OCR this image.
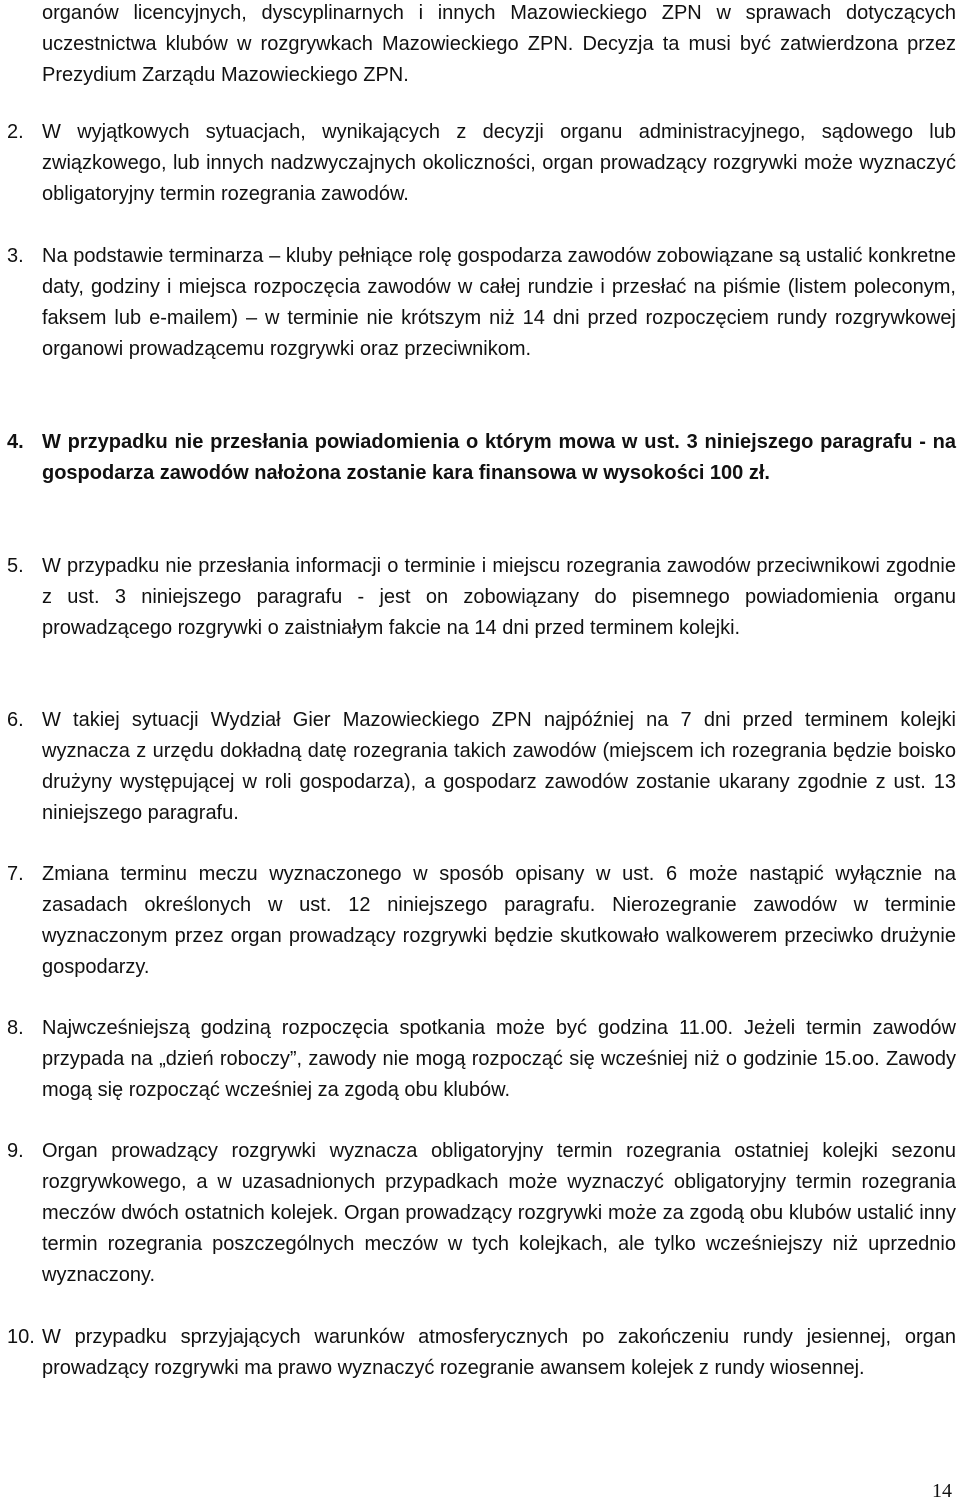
organów licencyjnych, dyscyplinarnych i innych Mazowieckiego ZPN w sprawach dotyczących uczestnictwa klubów w rozgrywkach Mazowieckiego ZPN. Decyzja ta musi być zatwierdzona przez Prezydium Zarządu Mazowieckiego ZPN.

2. W wyjątkowych sytuacjach, wynikających z decyzji organu administracyjnego, sądowego lub związkowego, lub innych nadzwyczajnych okoliczności, organ prowadzący rozgrywki może wyznaczyć obligatoryjny termin rozegrania zawodów.

3. Na podstawie terminarza – kluby pełniące rolę gospodarza zawodów zobowiązane są ustalić konkretne daty, godziny i miejsca rozpoczęcia zawodów w całej rundzie i przesłać na piśmie (listem poleconym, faksem lub e-mailem) – w terminie nie krótszym niż 14 dni przed rozpoczęciem rundy rozgrywkowej organowi prowadzącemu rozgrywki oraz przeciwnikom.

4. W przypadku nie przesłania powiadomienia o którym mowa w ust. 3 niniejszego paragrafu - na gospodarza zawodów nałożona zostanie kara finansowa w wysokości 100 zł.

5. W przypadku nie przesłania informacji o terminie i miejscu rozegrania zawodów przeciwnikowi zgodnie z ust. 3 niniejszego paragrafu - jest on zobowiązany do pisemnego powiadomienia organu prowadzącego rozgrywki o zaistniałym fakcie na 14 dni przed terminem kolejki.

6. W takiej sytuacji Wydział Gier Mazowieckiego ZPN najpóźniej na 7 dni przed terminem kolejki wyznacza z urzędu dokładną datę rozegrania takich zawodów (miejscem ich rozegrania będzie boisko drużyny występującej w roli gospodarza), a gospodarz zawodów zostanie ukarany zgodnie z ust. 13 niniejszego paragrafu.

7. Zmiana terminu meczu wyznaczonego w sposób opisany w ust. 6 może nastąpić wyłącznie na zasadach określonych w ust. 12 niniejszego paragrafu. Nierozegranie zawodów w terminie wyznaczonym przez organ prowadzący rozgrywki będzie skutkowało walkowerem przeciwko drużynie gospodarzy.

8. Najwcześniejszą godziną rozpoczęcia spotkania może być godzina 11.00. Jeżeli termin zawodów przypada na „dzień roboczy”, zawody nie mogą rozpocząć się wcześniej niż o godzinie 15.oo. Zawody mogą się rozpocząć wcześniej za zgodą obu klubów.

9. Organ prowadzący rozgrywki wyznacza obligatoryjny termin rozegrania ostatniej kolejki sezonu rozgrywkowego, a w uzasadnionych przypadkach może wyznaczyć obligatoryjny termin rozegrania meczów dwóch ostatnich kolejek. Organ prowadzący rozgrywki może za zgodą obu klubów ustalić inny termin rozegrania poszczególnych meczów w tych kolejkach, ale tylko wcześniejszy niż uprzednio wyznaczony.

10. W przypadku sprzyjających warunków atmosferycznych po zakończeniu rundy jesiennej, organ prowadzący rozgrywki ma prawo wyznaczyć rozegranie awansem kolejek z rundy wiosennej.

14
